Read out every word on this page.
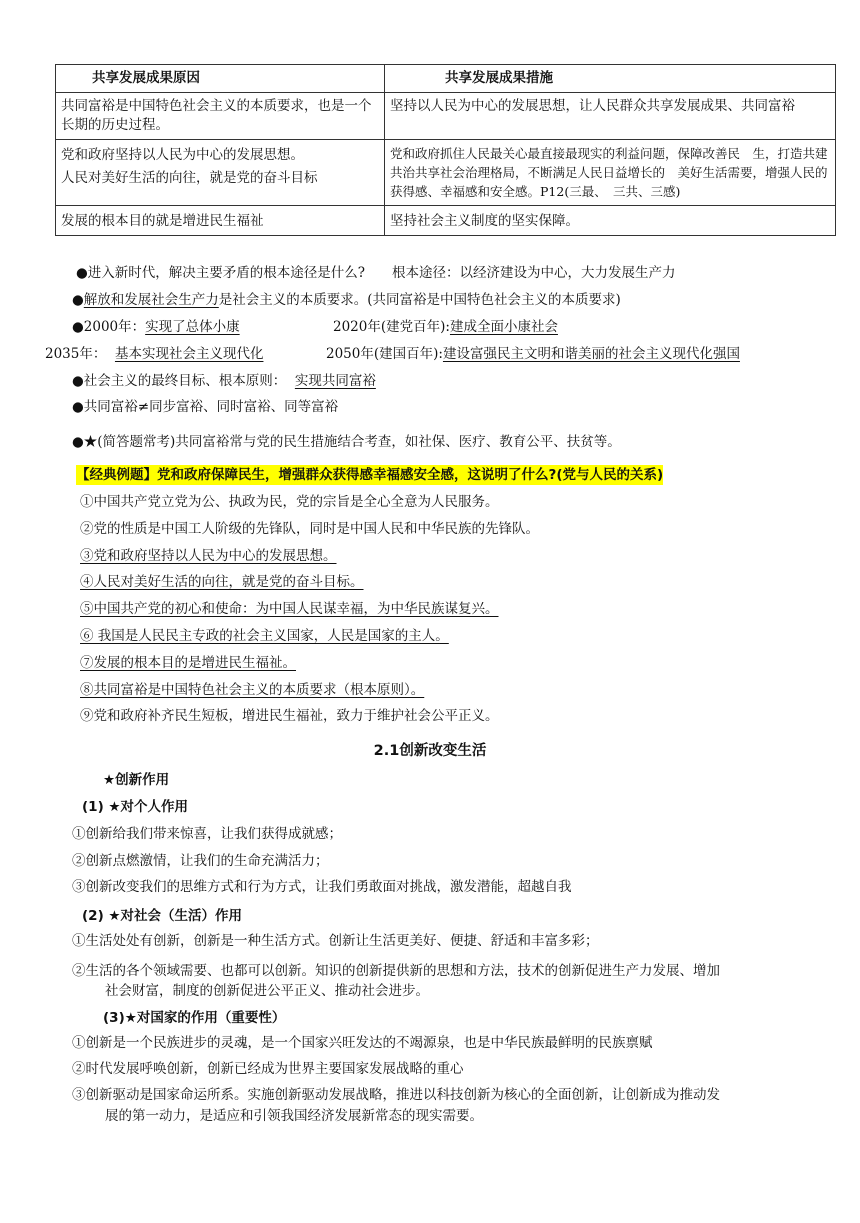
共享发展成果原因	共享发展成果措施
共同富裕是中国特色社会主义的本质要求，也是一个长期的历史过程。	坚持以人民为中心的发展思想，让人民群众共享发展成果、共同富裕

党和政府坚持以人民为中心的发展思想。
人民对美好生活的向往，就是党的奋斗目标	党和政府抓住人民最关心最直接最现实的利益问题，保障改善民　生，打造共建共治共享社会治理格局，不断满足人民日益增长的　美好生活需要，增强人民的获得感、幸福感和安全感。P12(三最、　三共、三感)
发展的根本目的就是增进民生福祉	坚持社会主义制度的坚实保障。
●进入新时代，解决主要矛盾的根本途径是什么?　　根本途径：以经济建设为中心，大力发展生产力
●解放和发展社会生产力是社会主义的本质要求。(共同富裕是中国特色社会主义的本质要求)
●2000年：实现了总体小康	2020年(建党百年):建成全面小康社会
2035年： 基本实现社会主义现代化	2050年(建国百年):建设富强民主文明和谐美丽的社会主义现代化强国
●社会主义的最终目标、根本原则： 实现共同富裕
●共同富裕≠同步富裕、同时富裕、同等富裕
●★(简答题常考)共同富裕常与党的民生措施结合考查，如社保、医疗、教育公平、扶贫等。
【经典例题】党和政府保障民生，增强群众获得感幸福感安全感，这说明了什么?(党与人民的关系)
①中国共产党立党为公、执政为民，党的宗旨是全心全意为人民服务。
②党的性质是中国工人阶级的先锋队，同时是中国人民和中华民族的先锋队。
③党和政府坚持以人民为中心的发展思想。
④人民对美好生活的向往，就是党的奋斗目标。
⑤中国共产党的初心和使命：为中国人民谋幸福，为中华民族谋复兴。
⑥ 我国是人民民主专政的社会主义国家，人民是国家的主人。
⑦发展的根本目的是增进民生福祉。
⑧共同富裕是中国特色社会主义的本质要求（根本原则）。
⑨党和政府补齐民生短板，增进民生福祉，致力于维护社会公平正义。
2.1创新改变生活
★创新作用
(1) ★对个人作用
①创新给我们带来惊喜，让我们获得成就感；
②创新点燃激情，让我们的生命充满活力；
③创新改变我们的思维方式和行为方式，让我们勇敢面对挑战，激发潜能，超越自我
(2) ★对社会（生活）作用
①生活处处有创新，创新是一种生活方式。创新让生活更美好、便捷、舒适和丰富多彩；
②生活的各个领域需要、也都可以创新。知识的创新提供新的思想和方法，技术的创新促进生产力发展、增加
社会财富，制度的创新促进公平正义、推动社会进步。
(3)★对国家的作用（重要性）
①创新是一个民族进步的灵魂，是一个国家兴旺发达的不竭源泉，也是中华民族最鲜明的民族禀赋
②时代发展呼唤创新，创新已经成为世界主要国家发展战略的重心
③创新驱动是国家命运所系。实施创新驱动发展战略，推进以科技创新为核心的全面创新，让创新成为推动发
展的第一动力，是适应和引领我国经济发展新常态的现实需要。
